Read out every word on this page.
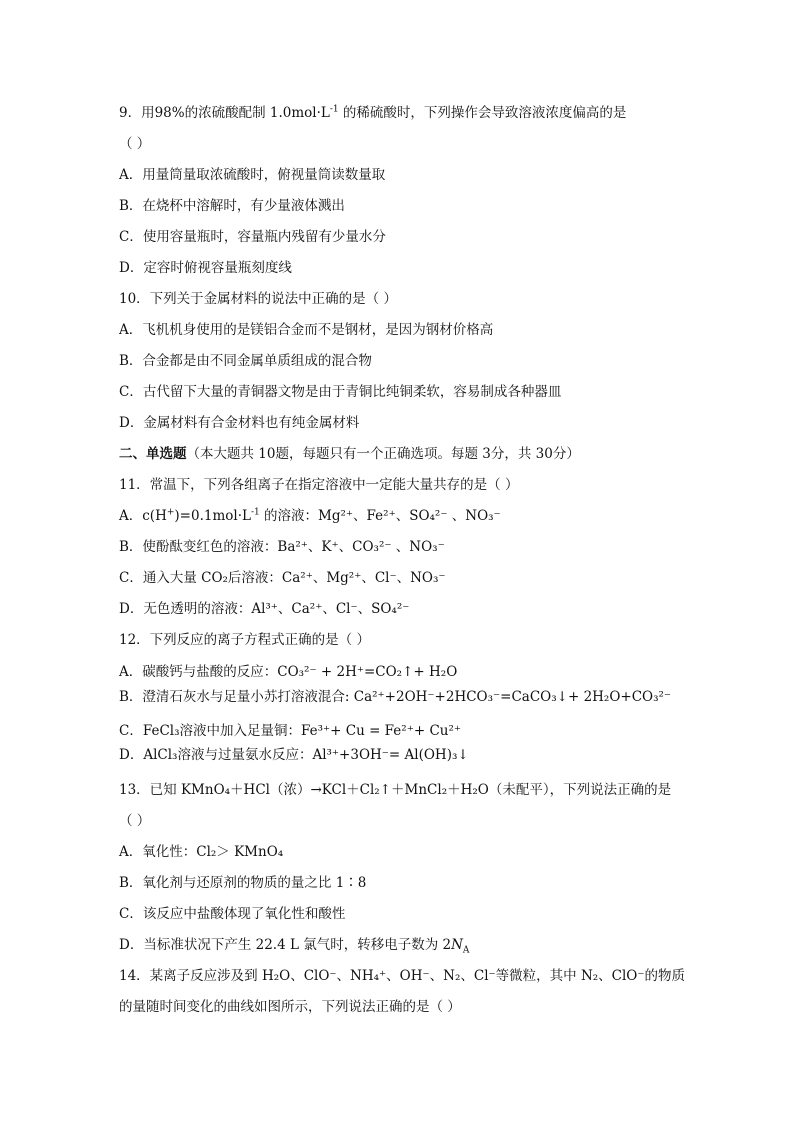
9．用98%的浓硫酸配制 $1.0mol\cdot L^{-1}$ 的稀硫酸时，下列操作会导致溶液浓度偏高的是
（ ）
A．用量筒量取浓硫酸时，俯视量筒读数量取
B．在烧杯中溶解时，有少量液体溅出
C．使用容量瓶时，容量瓶内残留有少量水分
D．定容时俯视容量瓶刻度线
10．下列关于金属材料的说法中正确的是（ ）
A．飞机机身使用的是镁铝合金而不是钢材，是因为钢材价格高
B．合金都是由不同金属单质组成的混合物
C．古代留下大量的青铜器文物是由于青铜比纯铜柔软，容易制成各种器皿
D．金属材料有合金材料也有纯金属材料
二、单选题（本大题共 10题，每题只有一个正确选项。每题 3分，共 30分）
11．常温下，下列各组离子在指定溶液中一定能大量共存的是（ ）
A．$c(H^+)=0.1mol\cdot L^{-1}$ 的溶液：Mg²⁺、Fe²⁺、SO₄²⁻ 、NO₃⁻
B．使酚酞变红色的溶液：Ba²⁺、K⁺、CO₃²⁻ 、NO₃⁻
C．通入大量 CO₂后溶液：Ca²⁺、Mg²⁺、Cl⁻、NO₃⁻
D．无色透明的溶液：Al³⁺、Ca²⁺、Cl⁻、SO₄²⁻
12．下列反应的离子方程式正确的是（ ）
A．碳酸钙与盐酸的反应：CO₃²⁻ + 2H⁺=CO₂↑+ H₂O
B．澄清石灰水与足量小苏打溶液混合: Ca²⁺+2OH⁻+2HCO₃⁻=CaCO₃↓+ 2H₂O+CO₃²⁻
C．FeCl₃溶液中加入足量铜：Fe³⁺+ Cu = Fe²⁺+ Cu²⁺
D．AlCl₃溶液与过量氨水反应：Al³⁺+3OH⁻= Al(OH)₃↓
13．已知 KMnO₄＋HCl（浓）→KCl＋Cl₂↑＋MnCl₂＋H₂O（未配平），下列说法正确的是
（ ）
A．氧化性：Cl₂＞ KMnO₄
B．氧化剂与还原剂的物质的量之比 1∶8
C．该反应中盐酸体现了氧化性和酸性
D．当标准状况下产生 22.4 L 氯气时，转移电子数为 $2N_A$
14．某离子反应涉及到 H₂O、ClO⁻、NH₄⁺、OH⁻、N₂、Cl⁻等微粒，其中 N₂、ClO⁻的物质
的量随时间变化的曲线如图所示，下列说法正确的是（ ）
